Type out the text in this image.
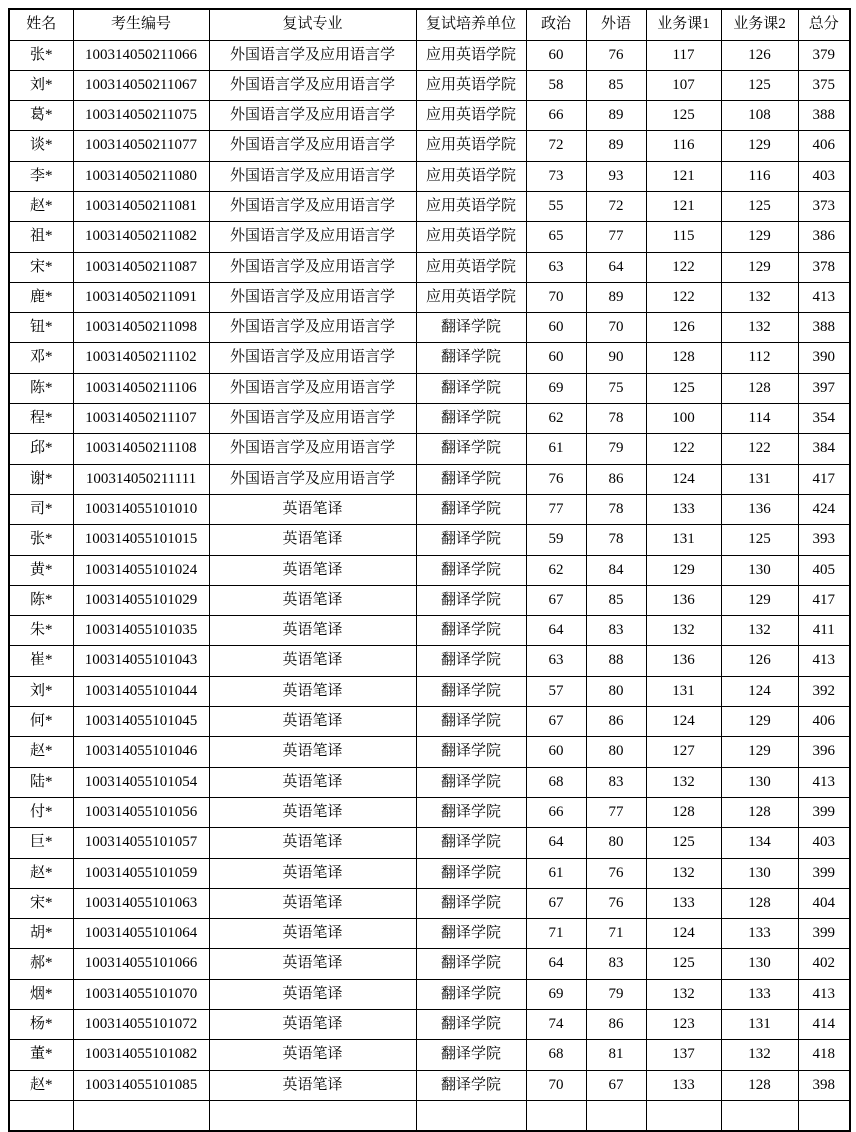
姓名	考生编号	复试专业	复试培养单位	政治	外语	业务课1	业务课2	总分
张*	100314050211066	外国语言学及应用语言学	应用英语学院	60	76	117	126	379
刘*	100314050211067	外国语言学及应用语言学	应用英语学院	58	85	107	125	375
葛*	100314050211075	外国语言学及应用语言学	应用英语学院	66	89	125	108	388
谈*	100314050211077	外国语言学及应用语言学	应用英语学院	72	89	116	129	406
李*	100314050211080	外国语言学及应用语言学	应用英语学院	73	93	121	116	403
赵*	100314050211081	外国语言学及应用语言学	应用英语学院	55	72	121	125	373
祖*	100314050211082	外国语言学及应用语言学	应用英语学院	65	77	115	129	386
宋*	100314050211087	外国语言学及应用语言学	应用英语学院	63	64	122	129	378
鹿*	100314050211091	外国语言学及应用语言学	应用英语学院	70	89	122	132	413
钮*	100314050211098	外国语言学及应用语言学	翻译学院	60	70	126	132	388
邓*	100314050211102	外国语言学及应用语言学	翻译学院	60	90	128	112	390
陈*	100314050211106	外国语言学及应用语言学	翻译学院	69	75	125	128	397
程*	100314050211107	外国语言学及应用语言学	翻译学院	62	78	100	114	354
邱*	100314050211108	外国语言学及应用语言学	翻译学院	61	79	122	122	384
谢*	100314050211111	外国语言学及应用语言学	翻译学院	76	86	124	131	417
司*	100314055101010	英语笔译	翻译学院	77	78	133	136	424
张*	100314055101015	英语笔译	翻译学院	59	78	131	125	393
黄*	100314055101024	英语笔译	翻译学院	62	84	129	130	405
陈*	100314055101029	英语笔译	翻译学院	67	85	136	129	417
朱*	100314055101035	英语笔译	翻译学院	64	83	132	132	411
崔*	100314055101043	英语笔译	翻译学院	63	88	136	126	413
刘*	100314055101044	英语笔译	翻译学院	57	80	131	124	392
何*	100314055101045	英语笔译	翻译学院	67	86	124	129	406
赵*	100314055101046	英语笔译	翻译学院	60	80	127	129	396
陆*	100314055101054	英语笔译	翻译学院	68	83	132	130	413
付*	100314055101056	英语笔译	翻译学院	66	77	128	128	399
巨*	100314055101057	英语笔译	翻译学院	64	80	125	134	403
赵*	100314055101059	英语笔译	翻译学院	61	76	132	130	399
宋*	100314055101063	英语笔译	翻译学院	67	76	133	128	404
胡*	100314055101064	英语笔译	翻译学院	71	71	124	133	399
郝*	100314055101066	英语笔译	翻译学院	64	83	125	130	402
烟*	100314055101070	英语笔译	翻译学院	69	79	132	133	413
杨*	100314055101072	英语笔译	翻译学院	74	86	123	131	414
董*	100314055101082	英语笔译	翻译学院	68	81	137	132	418
赵*	100314055101085	英语笔译	翻译学院	70	67	133	128	398
